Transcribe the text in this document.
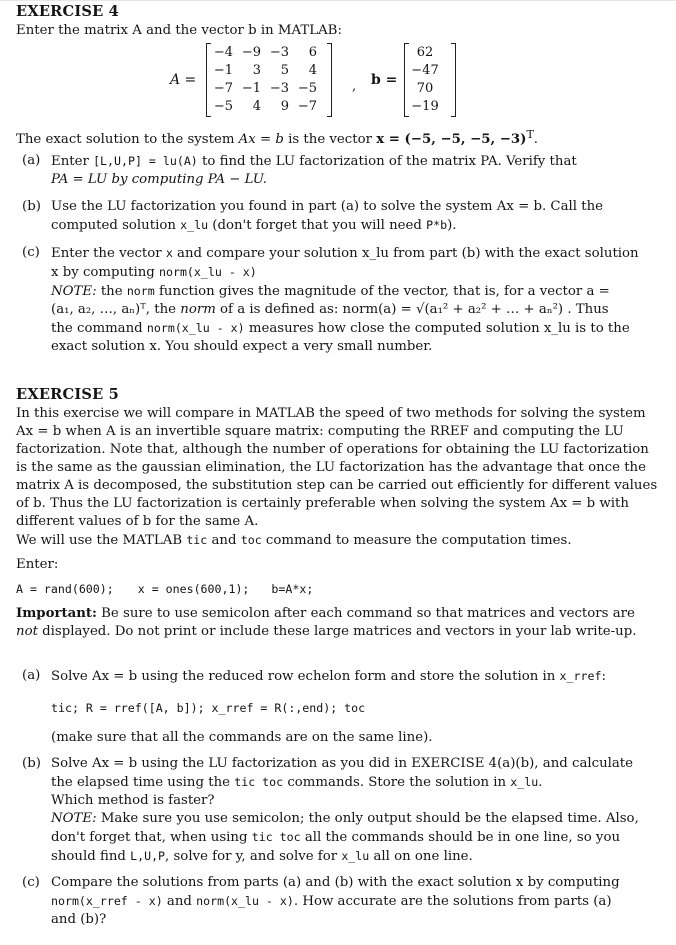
EXERCISE 4
Enter the matrix A and the vector b in MATLAB:
A =
−4 −9 −3	6
−1	3	5	4
−7 −1 −3 −5
−5	4	9 −7
, b =
62
−47
70
−19
The exact solution to the system Ax = b is the vector x = (−5, −5, −5, −3)$^T$.
(a) Enter [L,U,P] = lu(A) to find the LU factorization of the matrix PA. Verify that
PA = LU by computing PA − LU.
(b) Use the LU factorization you found in part (a) to solve the system Ax = b. Call the
computed solution x_lu (don't forget that you will need P*b).
(c) Enter the vector x and compare your solution x_lu from part (b) with the exact solution
x by computing norm(x_lu - x)
NOTE: the norm function gives the magnitude of the vector, that is, for a vector a =
(a₁, a₂, …, aₙ)ᵀ, the norm of a is defined as: norm(a) = √(a₁² + a₂² + … + aₙ²) . Thus
the command norm(x_lu - x) measures how close the computed solution x_lu is to the
exact solution x. You should expect a very small number.
EXERCISE 5
In this exercise we will compare in MATLAB the speed of two methods for solving the system
Ax = b when A is an invertible square matrix: computing the RREF and computing the LU
factorization. Note that, although the number of operations for obtaining the LU factorization
is the same as the gaussian elimination, the LU factorization has the advantage that once the
matrix A is decomposed, the substitution step can be carried out efficiently for different values
of b. Thus the LU factorization is certainly preferable when solving the system Ax = b with
different values of b for the same A.
We will use the MATLAB tic and toc command to measure the computation times.
Enter:
A = rand(600); x = ones(600,1); b=A*x;
Important: Be sure to use semicolon after each command so that matrices and vectors are
not displayed. Do not print or include these large matrices and vectors in your lab write-up.
(a) Solve Ax = b using the reduced row echelon form and store the solution in x_rref:
tic; R = rref([A, b]); x_rref = R(:,end); toc
(make sure that all the commands are on the same line).
(b) Solve Ax = b using the LU factorization as you did in EXERCISE 4(a)(b), and calculate
the elapsed time using the tic toc commands. Store the solution in x_lu.
Which method is faster?
NOTE: Make sure you use semicolon; the only output should be the elapsed time. Also,
don't forget that, when using tic toc all the commands should be in one line, so you
should find L,U,P, solve for y, and solve for x_lu all on one line.
(c) Compare the solutions from parts (a) and (b) with the exact solution x by computing
norm(x_rref - x) and norm(x_lu - x). How accurate are the solutions from parts (a)
and (b)?
